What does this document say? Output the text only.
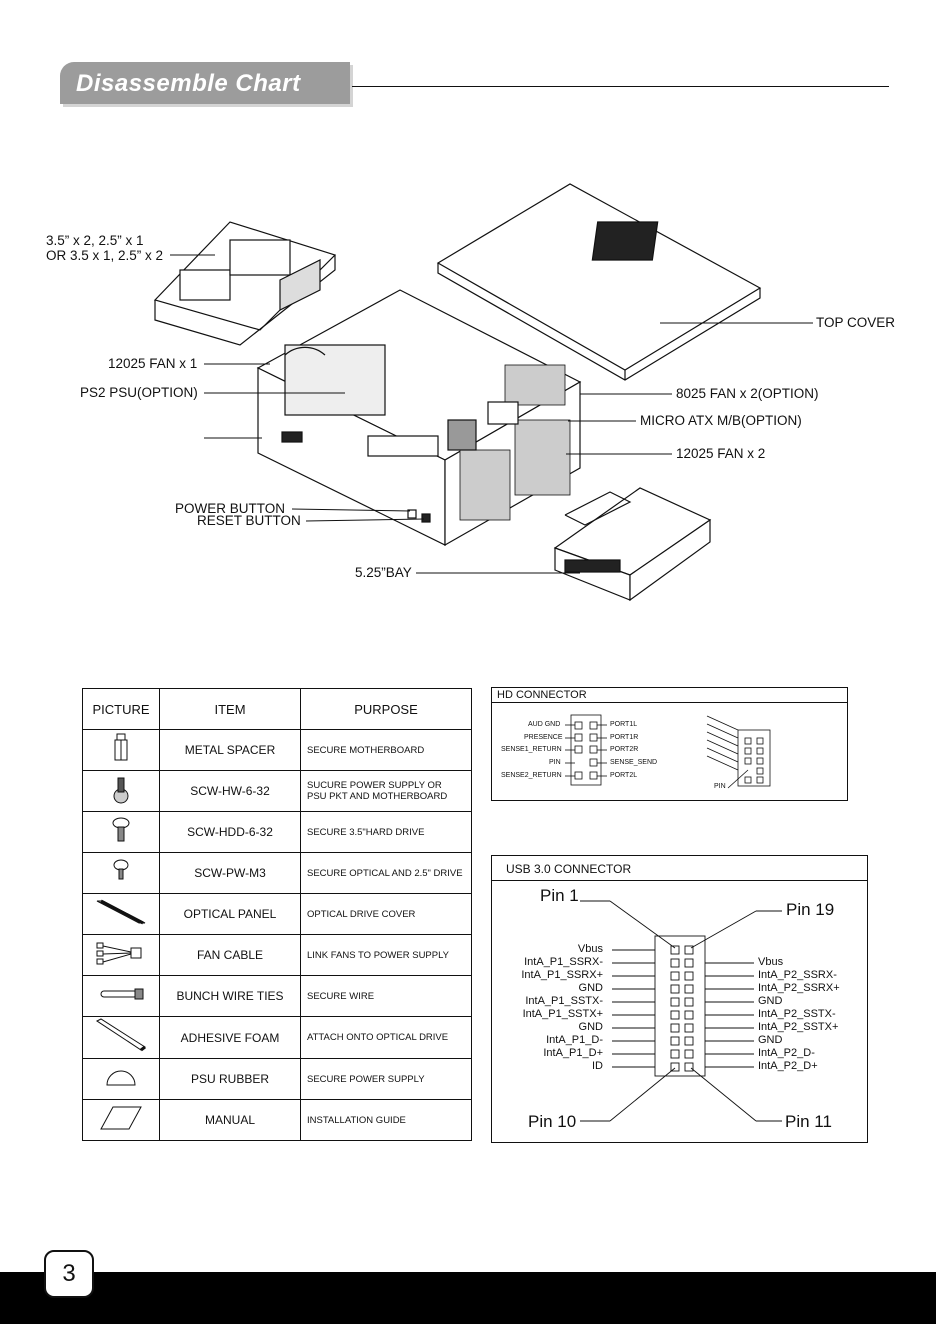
Disassemble Chart
3.5” x 2, 2.5” x 1
OR 3.5 x 1, 2.5” x 2
12025 FAN x 1
PS2 PSU(OPTION)
TOP COVER
8025 FAN x 2(OPTION)
MICRO ATX M/B(OPTION)
12025 FAN x 2
POWER BUTTON
RESET BUTTON
5.25”BAY
PICTURE	ITEM	PURPOSE
	METAL SPACER	SECURE MOTHERBOARD
	SCW-HW-6-32	SUCURE POWER SUPPLY OR
PSU PKT AND MOTHERBOARD

	SCW-HDD-6-32	SECURE 3.5"HARD DRIVE
	SCW-PW-M3	SECURE OPTICAL AND 2.5" DRIVE
	OPTICAL PANEL	OPTICAL DRIVE COVER
	FAN CABLE	LINK FANS TO POWER SUPPLY
	BUNCH WIRE TIES	SECURE WIRE
	ADHESIVE FOAM	ATTACH ONTO OPTICAL DRIVE
	PSU RUBBER	SECURE POWER SUPPLY
	MANUAL	INSTALLATION GUIDE
HD CONNECTOR
AUD GND
PRESENCE
SENSE1_RETURN
PIN
SENSE2_RETURN
PORT1L
PORT1R
PORT2R
SENSE_SEND
PORT2L
PIN
USB 3.0 CONNECTOR
Pin 1
Pin 19
Pin 10	Pin 11
Vbus
IntA_P1_SSRX-
IntA_P1_SSRX+
GND
IntA_P1_SSTX-
IntA_P1_SSTX+
GND
IntA_P1_D-
IntA_P1_D+
ID
Vbus
IntA_P2_SSRX-
IntA_P2_SSRX+
GND
IntA_P2_SSTX-
IntA_P2_SSTX+
GND
IntA_P2_D-
IntA_P2_D+
3
